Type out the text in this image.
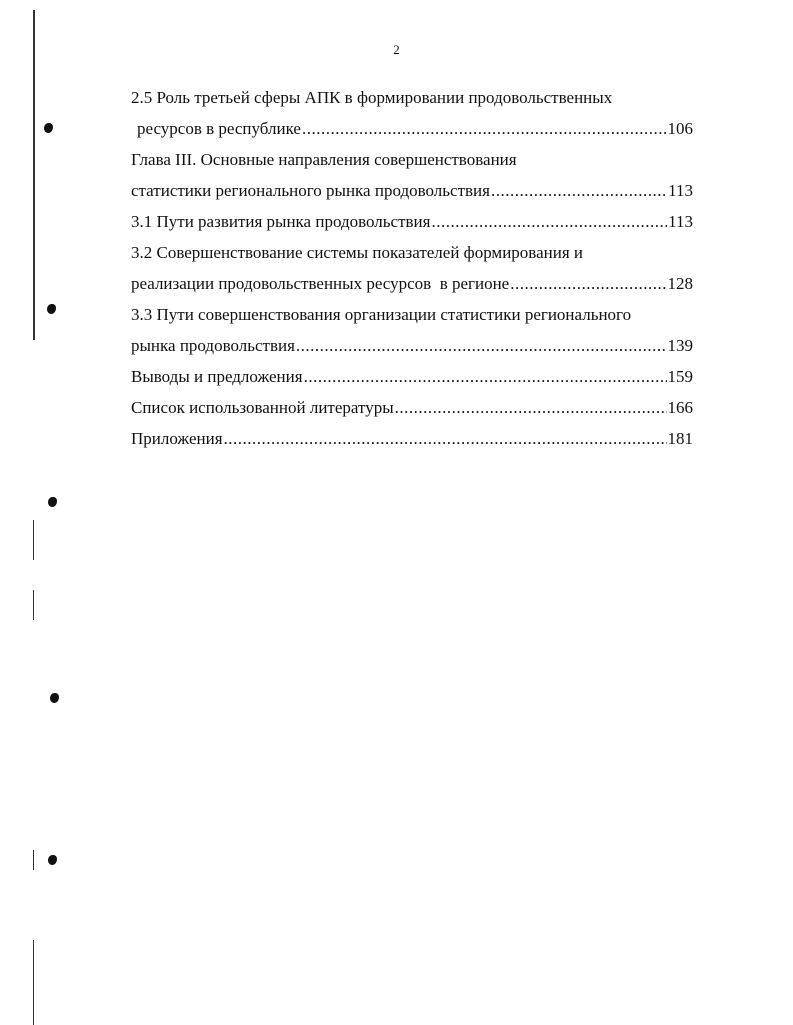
2
2.5 Роль третьей сферы АПК в формировании продовольственных
ресурсов в республике .....	106
Глава III. Основные направления совершенствования
статистики регионального рынка продовольствия .....	113
3.1 Пути развития рынка продовольствия .....	113
3.2 Совершенствование системы показателей формирования и
реализации продовольственных ресурсов  в регионе .....	128
3.3 Пути совершенствования организации статистики регионального
рынка продовольствия .....	139
Выводы и предложения .....	159
Список использованной литературы .....	166
Приложения .....	181
